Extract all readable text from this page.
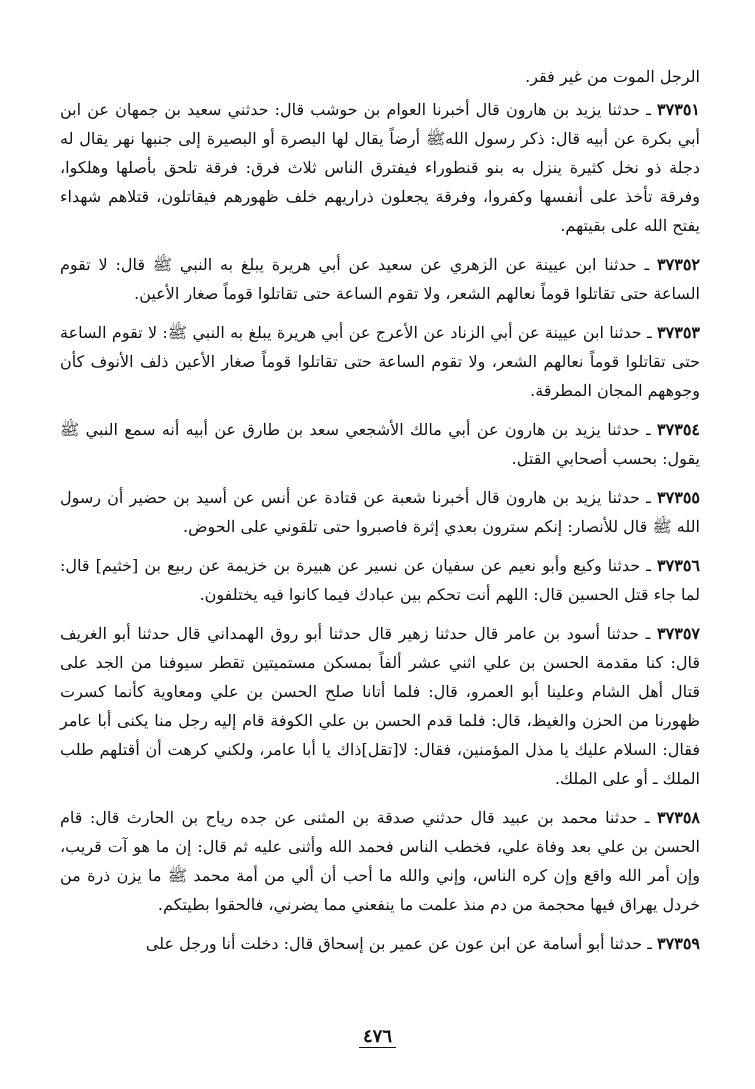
الرجل الموت من غير فقر.

٣٧٣٥١ ـ حدثنا يزيد بن هارون قال أخبرنا العوام بن حوشب قال: حدثني سعيد بن جمهان عن ابن أبي بكرة عن أبيه قال: ذكر رسول اللهﷺ أرضاً يقال لها البصرة أو البصيرة إلى جنبها نهر يقال له دجلة ذو نخل كثيرة ينزل به بنو قنطوراء فيفترق الناس ثلاث فرق: فرقة تلحق بأصلها وهلكوا، وفرقة تأخذ على أنفسها وكفروا، وفرقة يجعلون ذراريهم خلف ظهورهم فيقاتلون، قتلاهم شهداء يفتح الله على بقيتهم.

٣٧٣٥٢ ـ حدثنا ابن عيينة عن الزهري عن سعيد عن أبي هريرة يبلغ به النبي ﷺ قال: لا تقوم الساعة حتى تقاتلوا قوماً نعالهم الشعر، ولا تقوم الساعة حتى تقاتلوا قوماً صغار الأعين.

٣٧٣٥٣ ـ حدثنا ابن عيينة عن أبي الزناد عن الأعرج عن أبي هريرة يبلغ به النبي ﷺ: لا تقوم الساعة حتى تقاتلوا قوماً نعالهم الشعر، ولا تقوم الساعة حتى تقاتلوا قوماً صغار الأعين ذلف الأنوف كأن وجوههم المجان المطرقة.

٣٧٣٥٤ ـ حدثنا يزيد بن هارون عن أبي مالك الأشجعي سعد بن طارق عن أبيه أنه سمع النبي ﷺ يقول: بحسب أصحابي القتل.

٣٧٣٥٥ ـ حدثنا يزيد بن هارون قال أخبرنا شعبة عن قتادة عن أنس عن أسيد بن حضير أن رسول الله ﷺ قال للأنصار: إنكم سترون بعدي إثرة فاصبروا حتى تلقوني على الحوض.

٣٧٣٥٦ ـ حدثنا وكيع وأبو نعيم عن سفيان عن نسير عن هبيرة بن خزيمة عن ربيع بن [خثيم] قال: لما جاء قتل الحسين قال: اللهم أنت تحكم بين عبادك فيما كانوا فيه يختلفون.

٣٧٣٥٧ ـ حدثنا أسود بن عامر قال حدثنا زهير قال حدثنا أبو روق الهمداني قال حدثنا أبو الغريف قال: كنا مقدمة الحسن بن علي اثني عشر ألفاً بمسكن مستميتين تقطر سيوفنا من الجد على قتال أهل الشام وعلينا أبو العمرو، قال: فلما أتانا صلح الحسن بن علي ومعاوية كأنما كسرت ظهورنا من الحزن والغيظ، قال: فلما قدم الحسن بن علي الكوفة قام إليه رجل منا يكنى أبا عامر فقال: السلام عليك يا مذل المؤمنين، فقال: لا[تقل]ذاك يا أبا عامر، ولكني كرهت أن أقتلهم طلب الملك ـ أو على الملك.

٣٧٣٥٨ ـ حدثنا محمد بن عبيد قال حدثني صدقة بن المثنى عن جده رياح بن الحارث قال: قام الحسن بن علي بعد وفاة علي، فخطب الناس فحمد الله وأثنى عليه ثم قال: إن ما هو آت قريب، وإن أمر الله واقع وإن كره الناس، وإني والله ما أحب أن ألي من أمة محمد ﷺ ما يزن ذرة من خردل يهراق فيها محجمة من دم منذ علمت ما ينفعني مما يضرني، فالحقوا بطيتكم.

٣٧٣٥٩ ـ حدثنا أبو أسامة عن ابن عون عن عمير بن إسحاق قال: دخلت أنا ورجل على

٤٧٦
